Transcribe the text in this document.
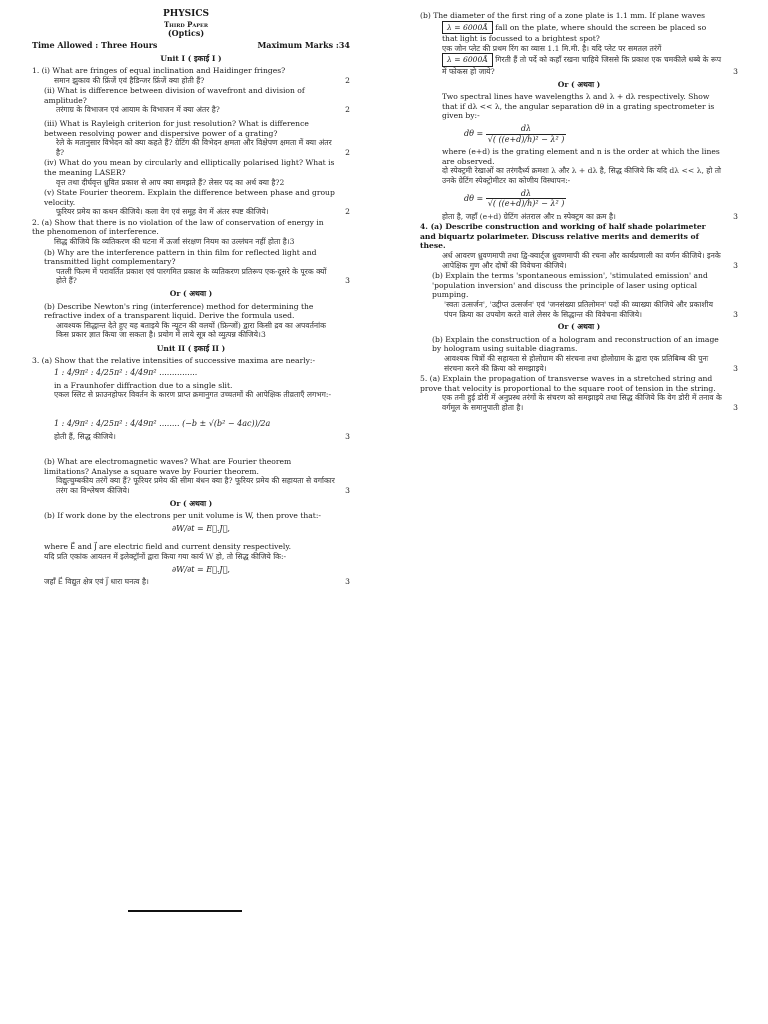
PHYSICS
Third Paper
(Optics)
Time Allowed : Three Hours	Maximum Marks :34
Unit I ( इकाई I )
1. (i) What are fringes of equal inclination and Haidinger fringes?
समान झुकाव की फ्रिंजें एवं हैडिन्जर फ्रिंजें क्या होती हैं?	2
(ii) What is difference between division of wavefront and division of amplitude?
तरंगाग्र के विभाजन एवं आयाम के विभाजन में क्या अंतर है?	2
(iii) What is Rayleigh criterion for just resolution? What is difference between resolving power and dispersive power of a grating?
रेले के मतानुसार विभेदन को क्या कहते हैं? ग्रेटिंग की विभेदन क्षमता और विक्षेपण क्षमता में क्या अंतर है?	2
(iv) What do you mean by circularly and elliptically polarised light? What is the meaning LASER?
वृत्त तथा दीर्घवृत्त ध्रुवित प्रकाश से आप क्या समझते हैं? लेसर पद का अर्थ क्या है?2
(v) State Fourier theorem. Explain the difference between phase and group velocity.
फूरियर प्रमेय का कथन कीजिये। कला वेग एवं समूह वेग में अंतर स्पष्ट कीजिये।	2
2. (a) Show that there is no violation of the law of conservation of energy in the phenomenon of interference.
सिद्ध कीजिये कि व्यतिकरण की घटना में ऊर्जा संरक्षण नियम का उल्लंघन नहीं होता है।3
(b) Why are the interference pattern in thin film for reflected light and transmitted light complementary?
पतली फिल्म में परावर्तित प्रकाश एवं पारगमित प्रकाश के व्यतिकरण प्रतिरूप एक-दूसरे के पूरक क्यों होते हैं?	3
Or ( अथवा )
(b) Describe Newton's ring (interference) method for determining the refractive index of a transparent liquid. Derive the formula used.
आवश्यक सिद्धान्त देते हुए यह बताइये कि न्यूटन की वलयों (फ्रिन्जों) द्वारा किसी द्रव का अपवर्तनांक किस प्रकार ज्ञात किया जा सकता है। प्रयोग में लाये सूत्र को व्युत्पन्न कीजिये।3
Unit II ( इकाई II )
3. (a) Show that the relative intensities of successive maxima are nearly:-
1 : 4/9π² : 4/25π² : 4/49π² ...............
in a Fraunhofer diffraction due to a single slit.
एकल स्लिट से फ्राउनहोफर विवर्तन के कारण प्राप्त क्रमानुगत उच्चतमों की आपेक्षिक तीव्रताएँ लगभग:-
1 : 4/9π² : 4/25π² : 4/49π² ........ (−b ± √(b² − 4ac))/2a
होती हैं, सिद्ध कीजिये।	3
(b) What are electromagnetic waves? What are Fourier theorem limitations? Analyse a square wave by Fourier theorem.
विद्युत्चुम्बकीय तरंगें क्या हैं? फूरियर प्रमेय की सीमा बंधन क्या है? फूरियर प्रमेय की सहायता से वर्गाकार तरंग का विश्लेषण कीजिये।	3
Or ( अथवा )
(b) If work done by the electrons per unit volume is W, then prove that:-
∂W/∂t = E⃗.J⃗,
where E⃗ and J⃗ are electric field and current density respectively.
यदि प्रति एकांक आयतन में इलेक्ट्रॉनों द्वारा किया गया कार्य W हो, तो सिद्ध कीजिये कि:-
∂W/∂t = E⃗.J⃗,
जहाँ E⃗ विद्युत क्षेत्र एवं J⃗ धारा घनत्व है।	3
(b) The diameter of the first ring of a zone plate is 1.1 mm. If plane waves
λ = 6000Å fall on the plate, where should the screen be placed so that light is focussed to a brightest spot?
एक जोन प्लेट की प्रथम रिंग का व्यास 1.1 मि.मी. है। यदि प्लेट पर समतल तरंगें
λ = 6000Å गिरती हैं तो पर्दे को कहाँ रखना चाहिये जिससे कि प्रकाश एक चमकीले धब्बे के रूप में फोकस हो जाये?	3
Or ( अथवा )
Two spectral lines have wavelengths λ and λ + dλ respectively. Show that if dλ << λ, the angular separation dθ in a grating spectrometer is given by:-
$d\theta = \frac{d\lambda}{\text{√( ((e+d)/h)² − λ² )}}$
where (e+d) is the grating element and n is the order at which the lines are observed.
दो स्पेक्ट्रमी रेखाओं का तरंगदैर्ध्य क्रमशः λ और λ + dλ है, सिद्ध कीजिये कि यदि dλ << λ, हो तो उनके ग्रेटिंग स्पेक्ट्रोमीटर का कोणीय विस्थापन:-
$d\theta = \frac{d\lambda}{\text{√( ((e+d)/h)² − λ² )}}$
होता है, जहाँ (e+d) ग्रेटिंग अंतराल और n स्पेक्ट्रम का क्रम है।	3
4. (a) Describe construction and working of half shade polarimeter and biquartz polarimeter. Discuss relative merits and demerits of these.
अर्ध आवरण ध्रुवणमापी तथा द्वि-क्वार्ट्ज ध्रुवणमापी की रचना और कार्यप्रणाली का वर्णन कीजिये। इनके आपेक्षिक गुण और दोषों की विवेचना कीजिये।	3
(b) Explain the terms 'spontaneous emission', 'stimulated emission' and 'population inversion' and discuss the principle of laser using optical pumping.
'स्वतः उत्सर्जन', 'उद्दीप्त उत्सर्जन' एवं 'जनसंख्या प्रतिलोमन' पदों की व्याख्या कीजिये और प्रकाशीय पंपन क्रिया का उपयोग करते वाले लेसर के सिद्धान्त की विवेचना कीजिये।	3
Or ( अथवा )
(b) Explain the construction of a hologram and reconstruction of an image by hologram using suitable diagrams.
आवश्यक चित्रों की सहायता से होलोग्राम की संरचना तथा होलोग्राम के द्वारा एक प्रतिबिम्ब की पुनः संरचना करने की क्रिया को समझाइये।	3
5. (a) Explain the propagation of transverse waves in a stretched string and prove that velocity is proportional to the square root of tension in the string.
एक तनी हुई डोरी में अनुप्रस्थ तरंगों के संचरण को समझाइये तथा सिद्ध कीजिये कि वेग डोरी में तनाव के वर्गमूल के समानुपाती होता है।	3
